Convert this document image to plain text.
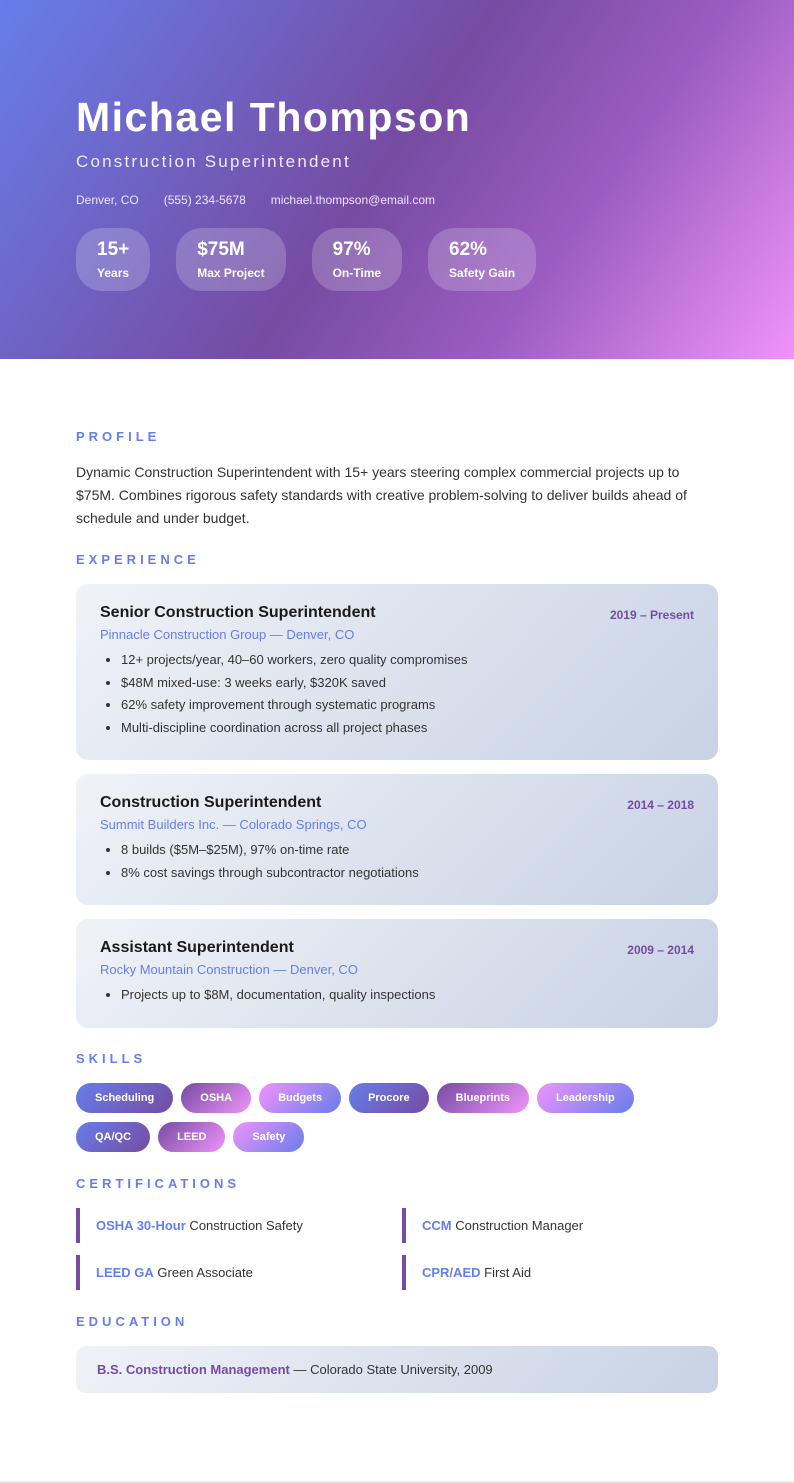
Michael Thompson
Construction Superintendent
Denver, CO (555) 234-5678 michael.thompson@email.com
15+
Years
$75M
Max Project
97%
On-Time
62%
Safety Gain
PROFILE

Dynamic Construction Superintendent with 15+ years steering complex commercial projects up to $75M. Combines rigorous safety standards with creative problem-solving to deliver builds ahead of schedule and under budget.

EXPERIENCE
Senior Construction Superintendent	2019 – Present
Pinnacle Construction Group — Denver, CO
• 12+ projects/year, 40–60 workers, zero quality compromises
• $48M mixed-use: 3 weeks early, $320K saved
• 62% safety improvement through systematic programs
• Multi-discipline coordination across all project phases
Construction Superintendent	2014 – 2018
Summit Builders Inc. — Colorado Springs, CO
• 8 builds ($5M–$25M), 97% on-time rate
• 8% cost savings through subcontractor negotiations
Assistant Superintendent	2009 – 2014
Rocky Mountain Construction — Denver, CO
• Projects up to $8M, documentation, quality inspections
SKILLS
Scheduling	OSHA	Budgets	Procore	Blueprints	Leadership
QA/QC	LEED	Safety
CERTIFICATIONS
OSHA 30-Hour Construction Safety	CCM Construction Manager
LEED GA Green Associate	CPR/AED First Aid
EDUCATION
B.S. Construction Management — Colorado State University, 2009
